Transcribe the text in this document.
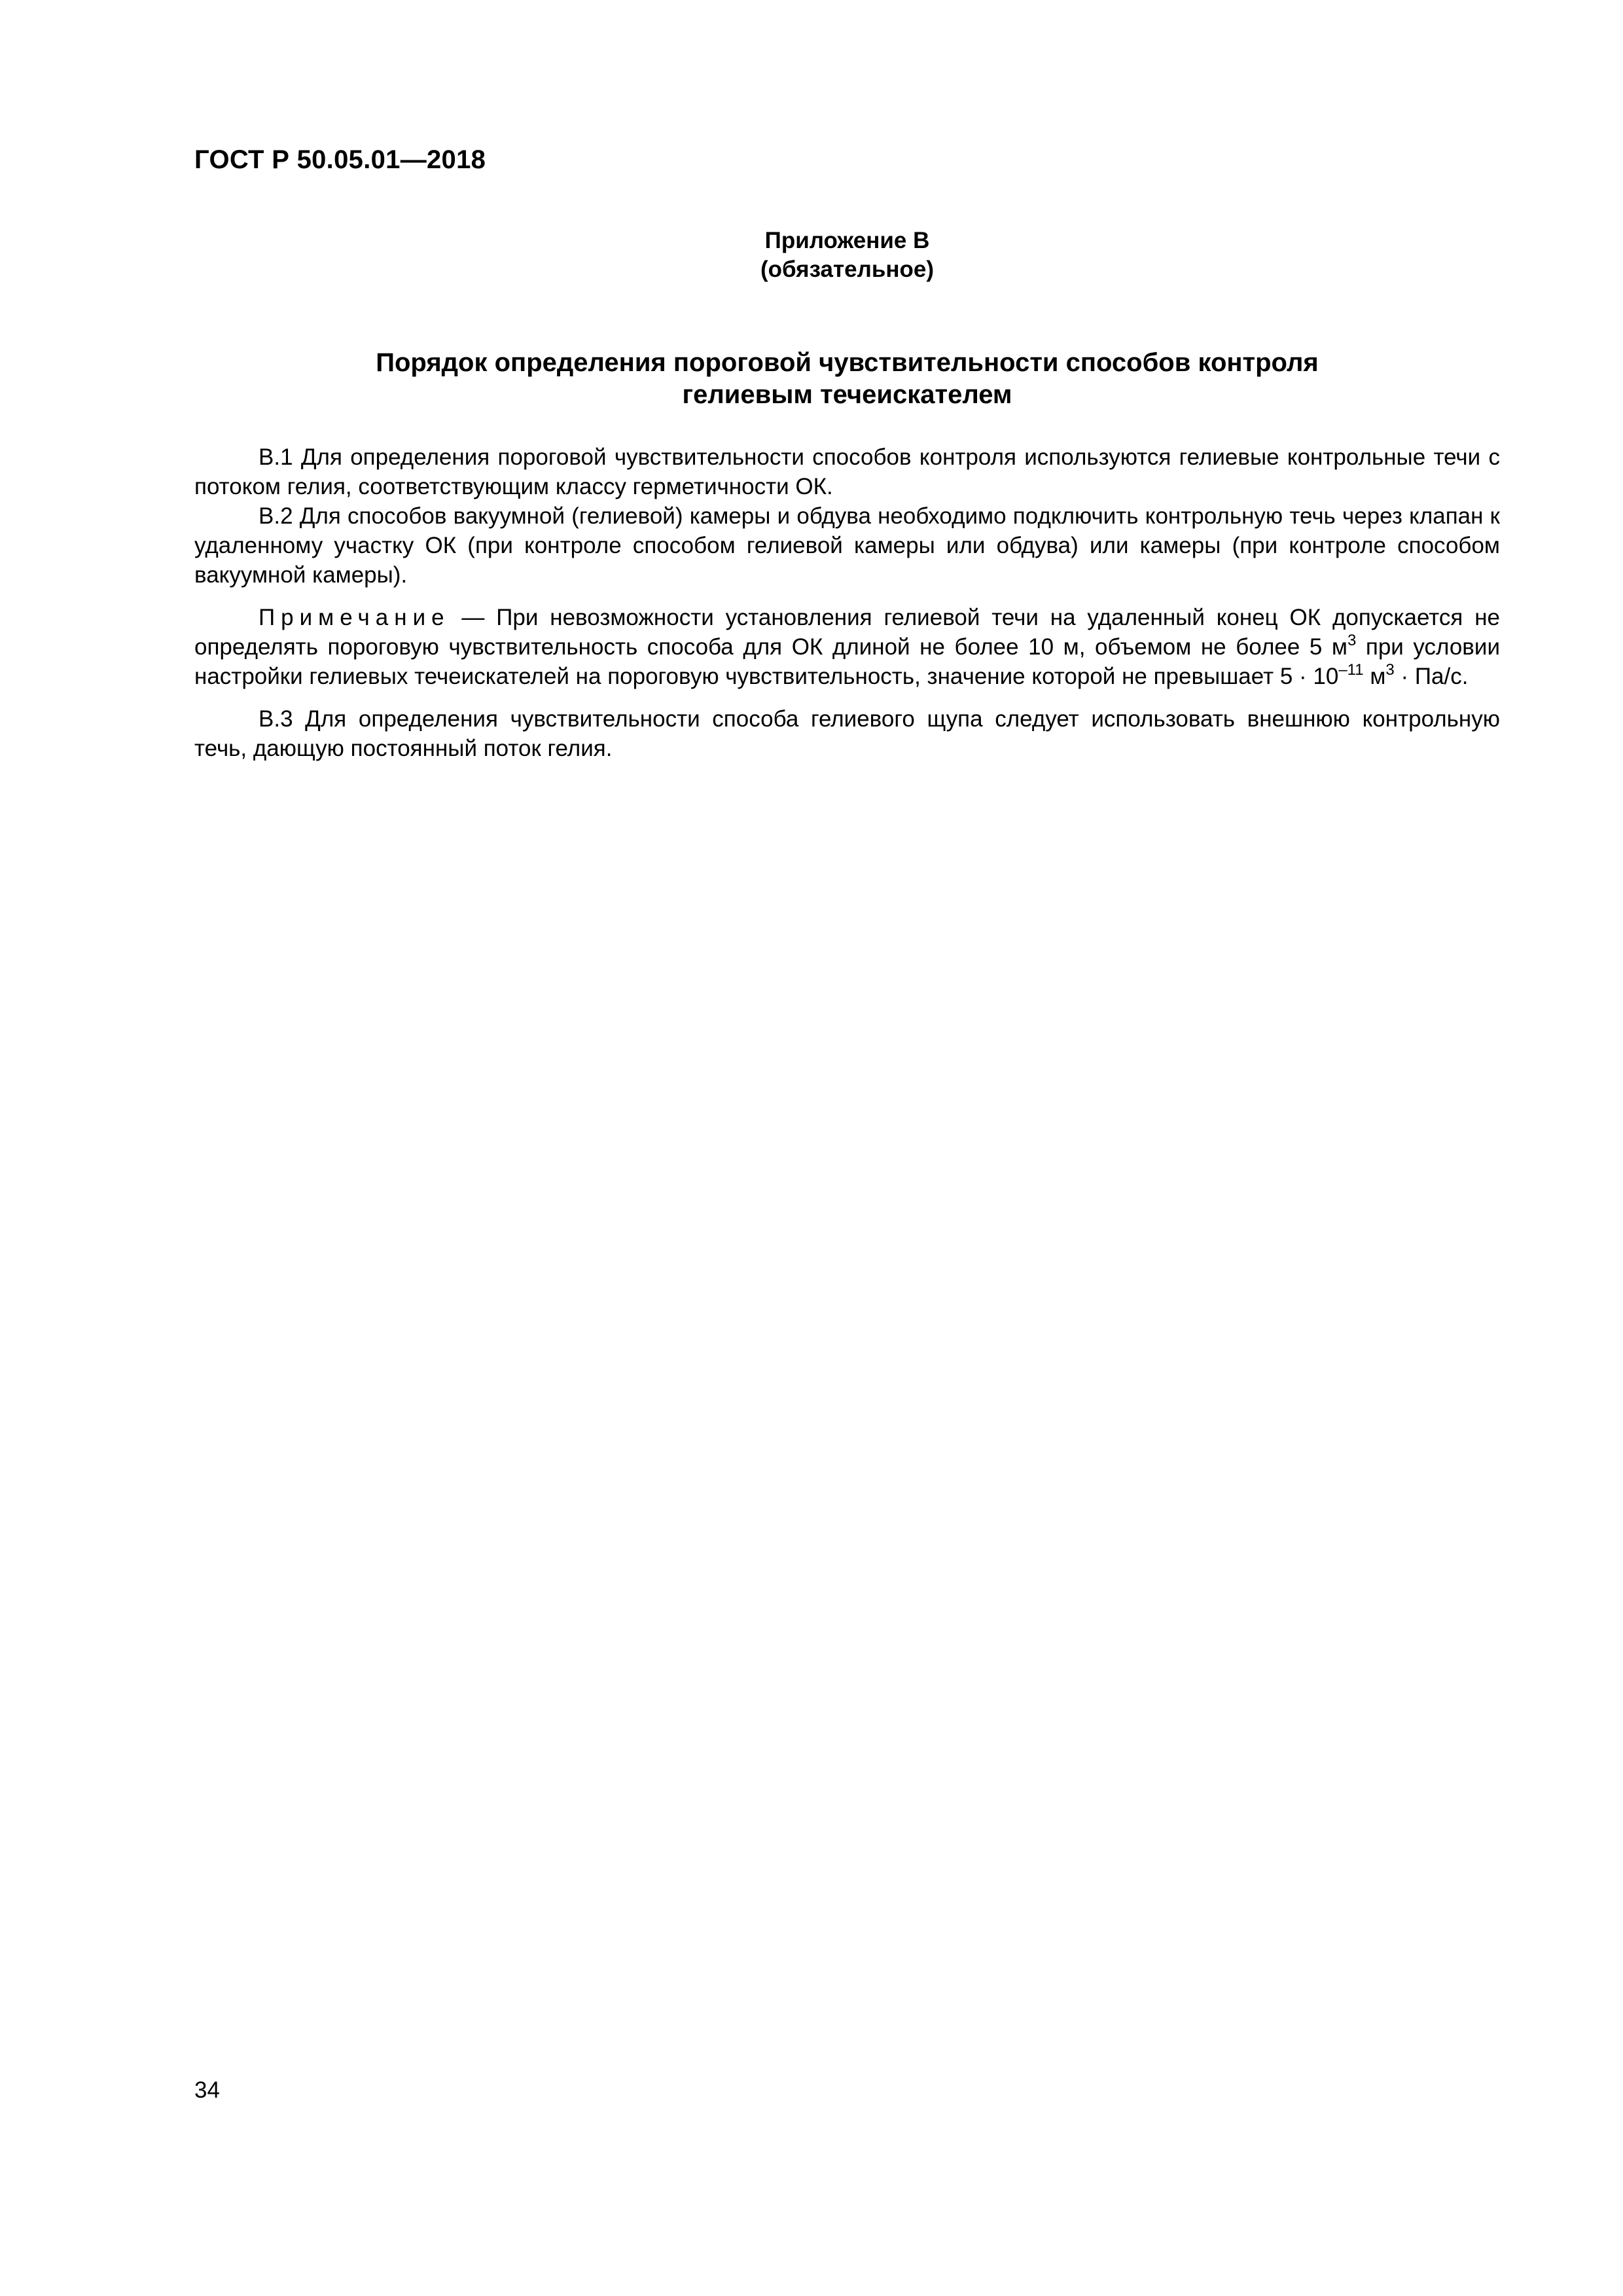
ГОСТ Р 50.05.01—2018
Приложение В
(обязательное)
Порядок определения пороговой чувствительности способов контроля
гелиевым течеискателем

В.1 Для определения пороговой чувствительности способов контроля используются гелиевые контрольные течи с потоком гелия, соответствующим классу герметичности ОК.

В.2 Для способов вакуумной (гелиевой) камеры и обдува необходимо подключить контрольную течь через клапан к удаленному участку ОК (при контроле способом гелиевой камеры или обдува) или камеры (при контроле способом вакуумной камеры).

Примечание — При невозможности установления гелиевой течи на удаленный конец ОК допускается не определять пороговую чувствительность способа для ОК длиной не более 10 м, объемом не более 5 $м^3$ при условии настройки гелиевых течеискателей на пороговую чувствительность, значение которой не превышает $5 \cdot 10^{-11}$ $м^3 \cdot Па/с$.

В.3 Для определения чувствительности способа гелиевого щупа следует использовать внешнюю контрольную течь, дающую постоянный поток гелия.

34
